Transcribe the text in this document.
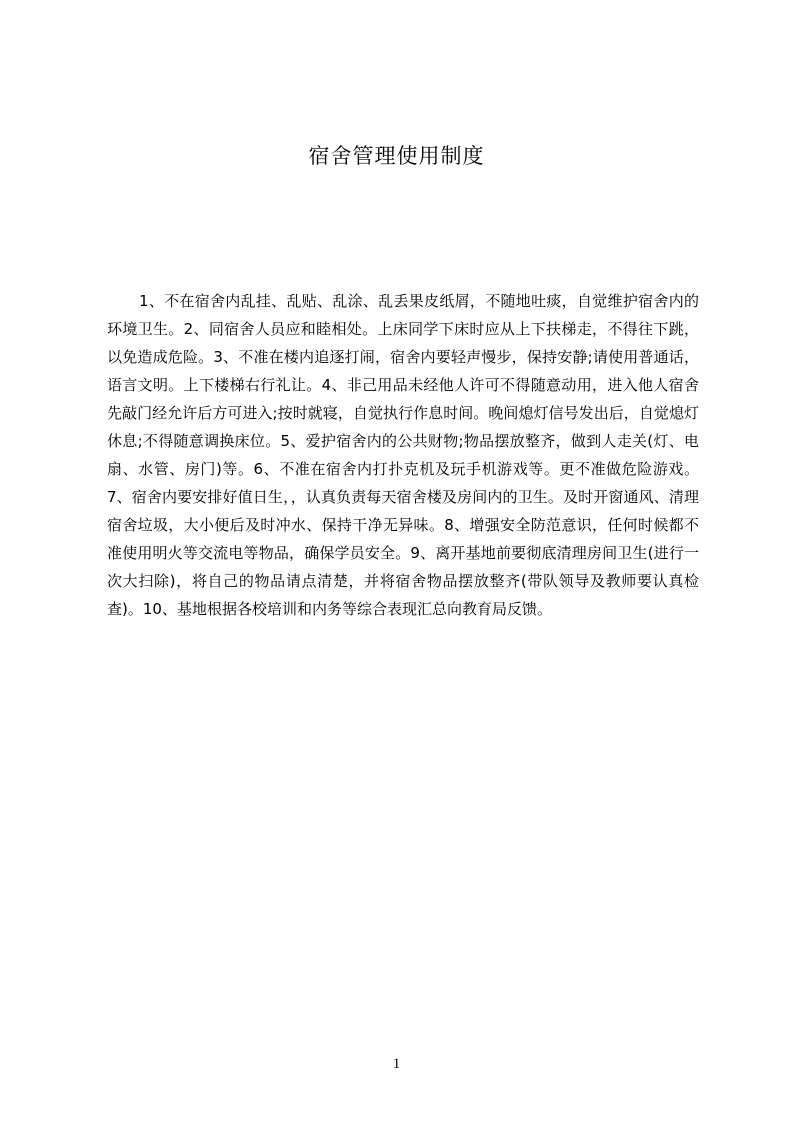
宿舍管理使用制度

1、不在宿舍内乱挂、乱贴、乱涂、乱丢果皮纸屑，不随地吐痰，自觉维护宿舍内的环境卫生。2、同宿舍人员应和睦相处。上床同学下床时应从上下扶梯走，不得往下跳，以免造成危险。3、不准在楼内追逐打闹，宿舍内要轻声慢步，保持安静;请使用普通话，语言文明。上下楼梯右行礼让。4、非己用品未经他人许可不得随意动用，进入他人宿舍先敲门经允许后方可进入;按时就寝，自觉执行作息时间。晚间熄灯信号发出后，自觉熄灯休息;不得随意调换床位。5、爱护宿舍内的公共财物;物品摆放整齐，做到人走关(灯、电扇、水管、房门)等。6、不准在宿舍内打扑克机及玩手机游戏等。更不准做危险游戏。7、宿舍内要安排好值日生，，认真负责每天宿舍楼及房间内的卫生。及时开窗通风、清理宿舍垃圾，大小便后及时冲水、保持干净无异味。8、增强安全防范意识，任何时候都不准使用明火等交流电等物品，确保学员安全。9、离开基地前要彻底清理房间卫生(进行一次大扫除)，将自己的物品请点清楚，并将宿舍物品摆放整齐(带队领导及教师要认真检查)。10、基地根据各校培训和内务等综合表现汇总向教育局反馈。

1
